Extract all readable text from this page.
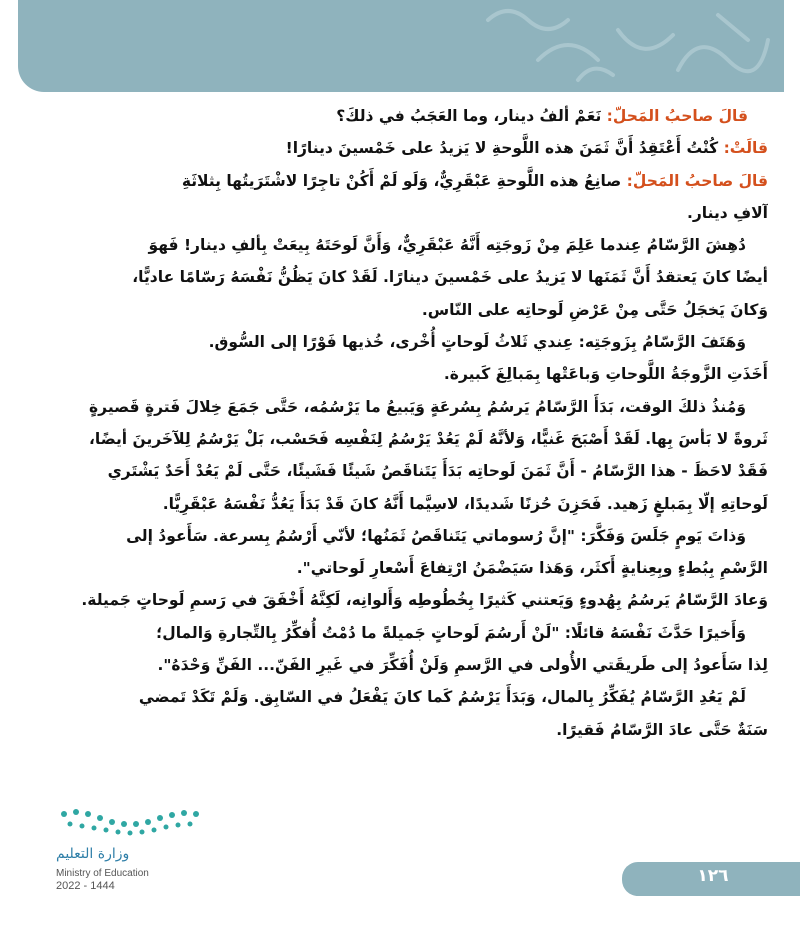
قالَ صاحبُ المَحلّ: نَعَمْ ألفُ دينار، وما العَجَبُ في ذلكَ؟
قالَتْ: كُنْتُ أَعْتَقِدُ أَنَّ ثَمَنَ هذه اللَّوحةِ لا يَزيدُ على خَمْسينَ دينارًا!
قالَ صاحبُ المَحلّ: صانِعُ هذه اللَّوحةِ عَبْقَرِيٌّ، وَلَو لَمْ أَكُنْ تاجِرًا لاشْتَرَيتُها بِثلاثَةِ
آلافِ دينار.
دُهِشَ الرَّسّامُ عِندما عَلِمَ مِنْ زَوجَتِه أَنَّهُ عَبْقَرِيٌّ، وَأَنَّ لَوحَتَهُ بِيعَتْ بِألفِ دينار! فَهوَ
أيضًا كانَ يَعتقدُ أَنَّ ثَمَنَها لا يَزيدُ على خَمْسينَ دينارًا. لَقَدْ كانَ يَظُنُّ نَفْسَهُ رَسّامًا عاديًّا،
وَكانَ يَخجَلُ حَتَّى مِنْ عَرْضِ لَوحاتِه على النّاس.
وَهَتَفَ الرَّسّامُ بِزَوجَتِه: عِندي ثَلاثُ لَوحاتٍ أُخْرى، خُذيها فَوْرًا إلى السُّوق.
أَخَذَتِ الزَّوجَةُ اللَّوحاتِ وَباعَتْها بِمَبالِغَ كَبيرة.
وَمُنذُ ذلكَ الوقت، بَدَأَ الرَّسّامُ يَرسُمُ بِسُرعَةٍ وَيَبيعُ ما يَرْسُمُه، حَتَّى جَمَعَ خِلالَ فَترةٍ قَصيرةٍ
ثَروةً لا بَأسَ بِها. لَقَدْ أَصْبَحَ غَنيًّا، وَلأنَّهُ لَمْ يَعُدْ يَرْسُمُ لِنَفْسِه فَحَسْب، بَلْ يَرْسُمُ لِلآخَرينَ أيضًا،
فَقَدْ لاحَظَ - هذا الرَّسّامُ - أَنَّ ثَمَنَ لَوحاتِه بَدَأَ يَتَناقَصُ شَيئًا فَشَيئًا، حَتَّى لَمْ يَعُدْ أَحَدٌ يَشْتَري
لَوحاتِهِ إلّا بِمَبلغٍ زَهيد. فَحَزِنَ حُزنًا شَديدًا، لاسِيَّما أَنَّهُ كانَ قَدْ بَدَأَ يَعُدُّ نَفْسَهُ عَبْقَرِيًّا.
وَذاتَ يَومٍ جَلَسَ وَفَكَّرَ: "إنَّ رُسوماتي يَتَناقَصُ ثَمَنُها؛ لأنّي أَرْسُمُ بِسرعة. سَأَعودُ إلى
الرَّسْمِ بِبُطءٍ وبِعِنايةٍ أَكثَر، وَهَذا سَيَضْمَنُ ارْتِفاعَ أَسْعارِ لَوحاتي".
وَعادَ الرَّسّامُ يَرسُمُ بِهُدوءٍ وَيَعتني كَثيرًا بِخُطُوطِه وَأَلوانِه، لَكِنَّهُ أَخْفَقَ في رَسمِ لَوحاتٍ جَميلة.
وَأَخيرًا حَدَّثَ نَفْسَهُ قائلًا: "لَنْ أَرسُمَ لَوحاتٍ جَميلةً ما دُمْتُ أُفكِّرُ بِالتِّجارةِ وَالمال؛
لِذا سَأَعودُ إلى طَريقَتي الأُولى في الرَّسمِ وَلَنْ أُفَكِّرَ في غَيرِ الفَنّ... الفَنِّ وَحْدَهُ".
لَمْ يَعُدِ الرَّسّامُ يُفَكِّرُ بِالمال، وَبَدَأَ يَرْسُمُ كَما كانَ يَفْعَلُ في السّابِق. وَلَمْ تَكَدْ تَمضي
سَنَةٌ حَتَّى عادَ الرَّسّامُ فَقيرًا.
وزارة التعليم
Ministry of Education
2022 - 1444	١٢٦
